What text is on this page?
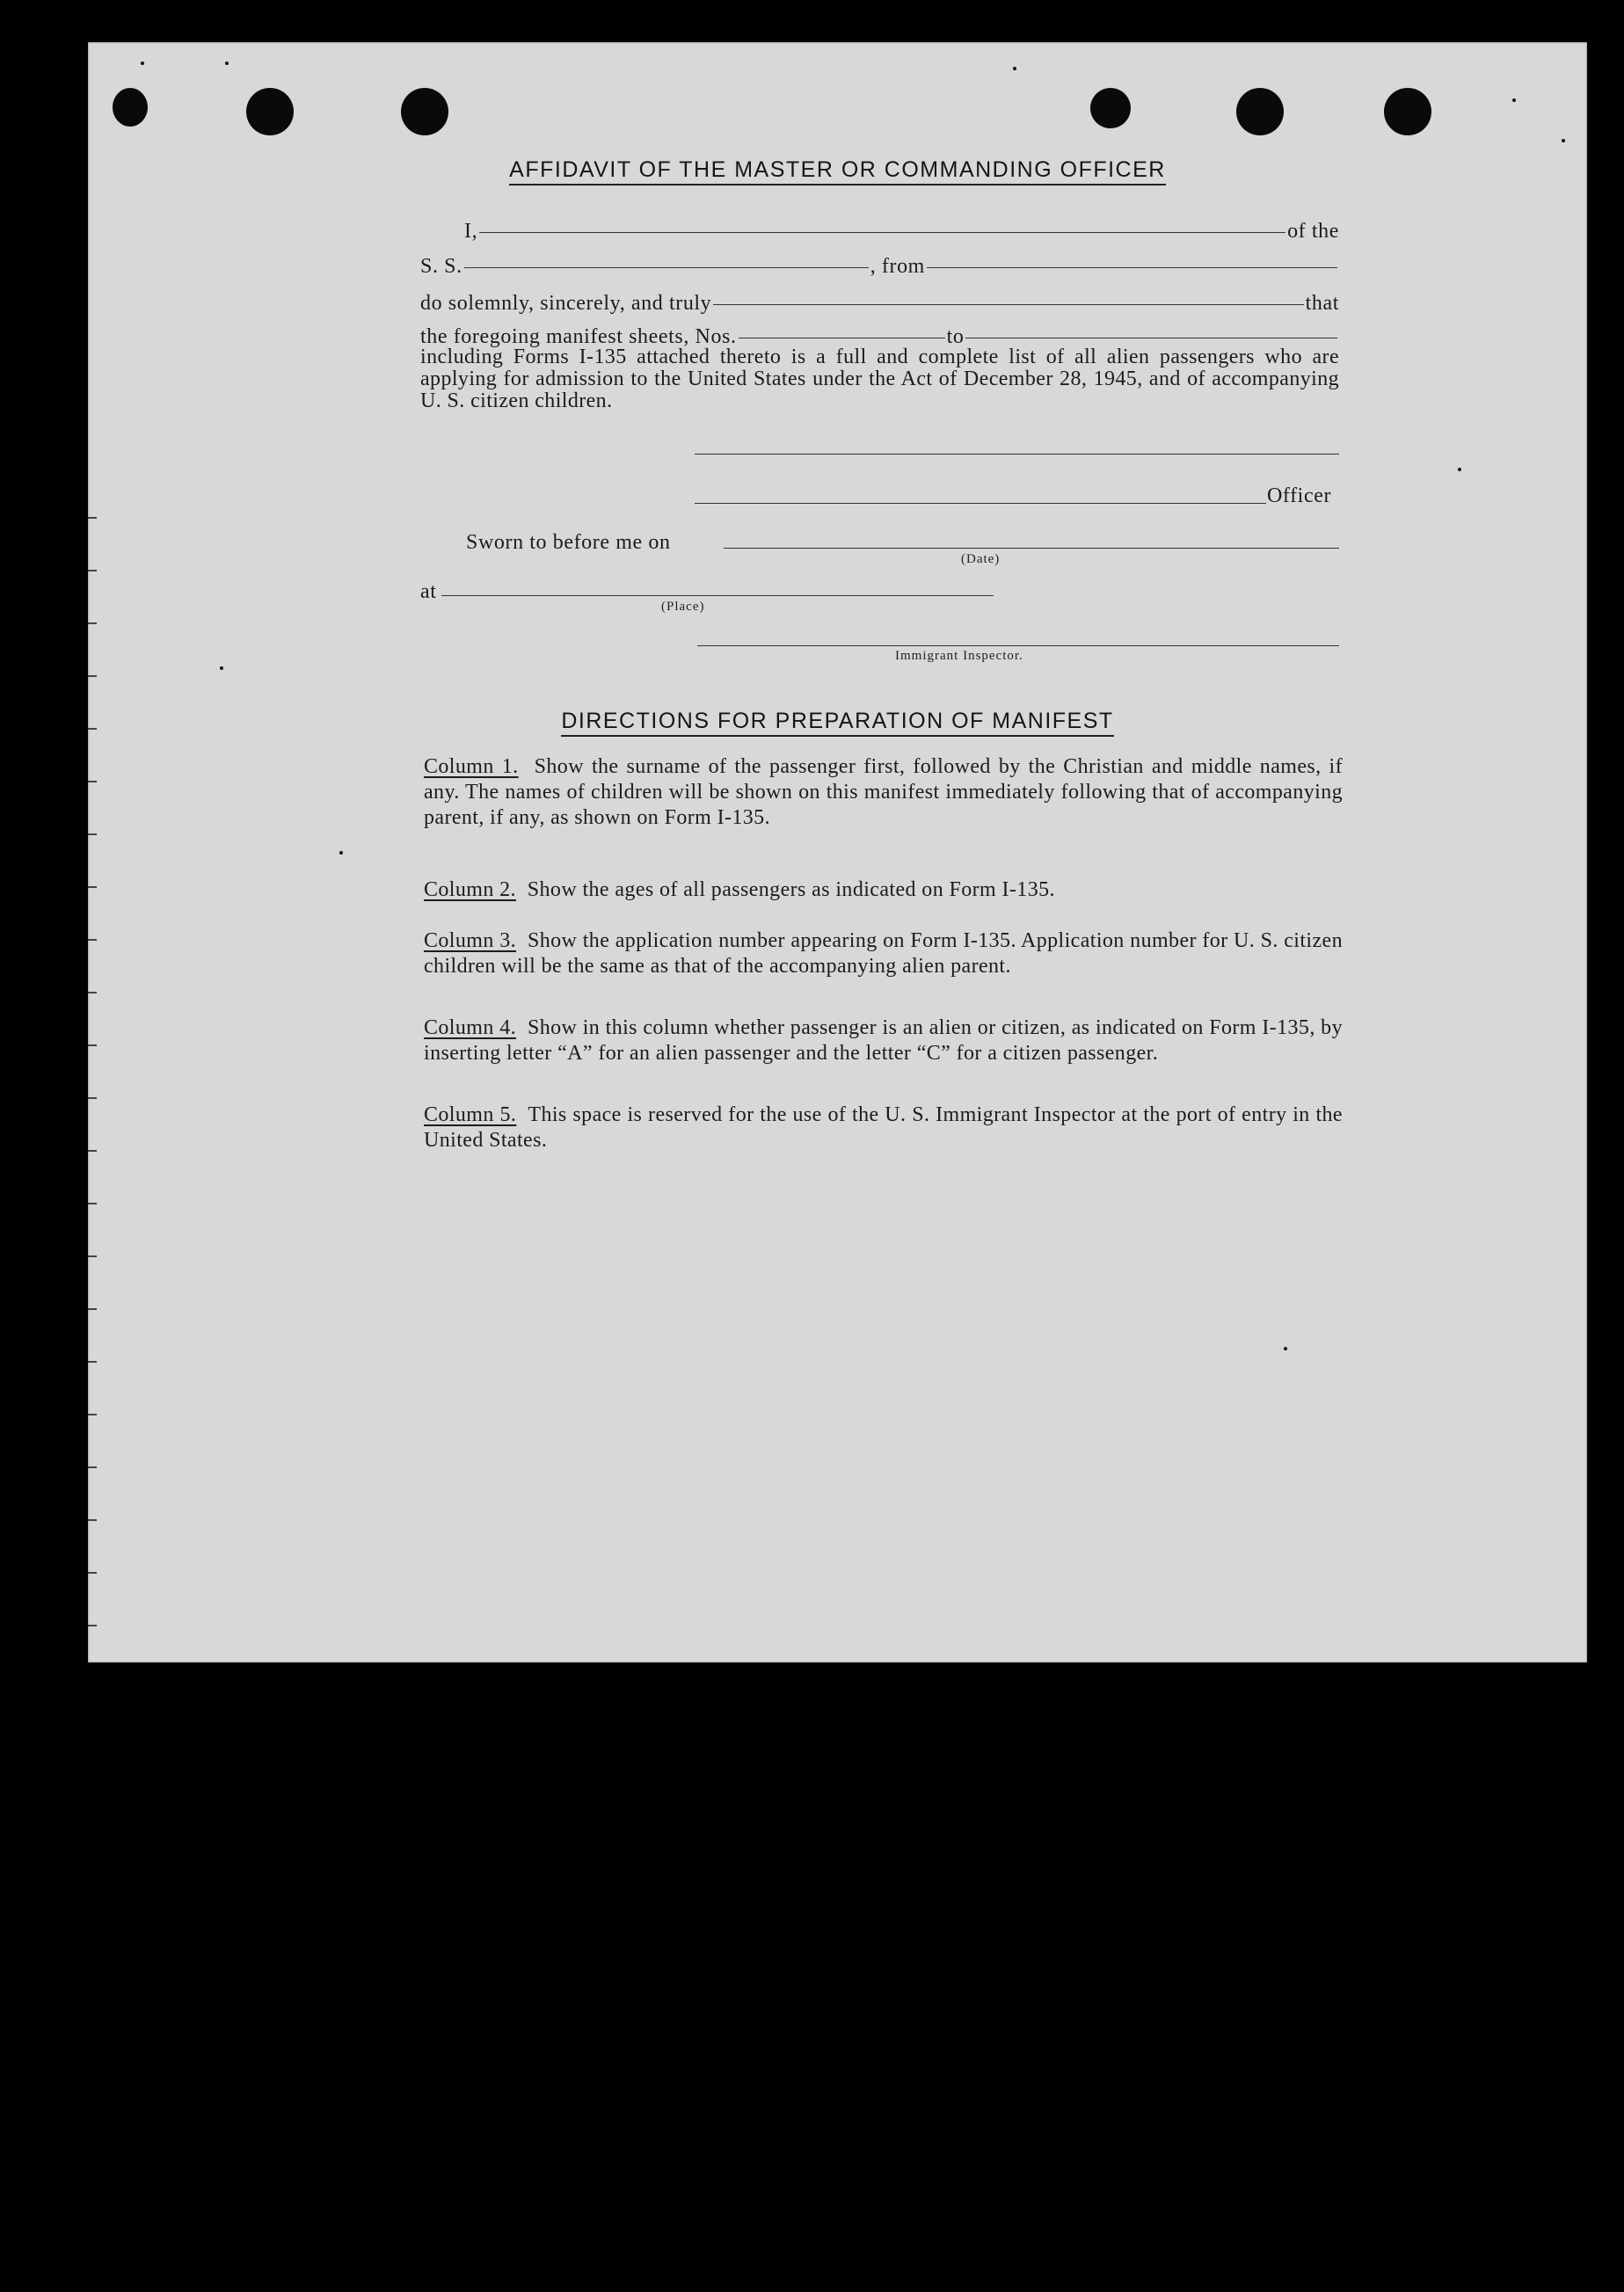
AFFIDAVIT OF THE MASTER OR COMMANDING OFFICER
I,	of the
S. S.	, from
do solemnly, sincerely, and truly	that
the foregoing manifest sheets, Nos.	to
including Forms I-135 attached thereto is a full and complete list of all alien passengers who are applying for admission to the United States under the Act of December 28, 1945, and of accompanying U. S. citizen children.
Officer
Sworn to before me on
(Date)
at
(Place)
Immigrant Inspector.
DIRECTIONS FOR PREPARATION OF MANIFEST
Column 1. Show the surname of the passenger first, followed by the Christian and middle names, if any. The names of children will be shown on this manifest immediately following that of accompanying parent, if any, as shown on Form I-135.
Column 2. Show the ages of all passengers as indicated on Form I-135.
Column 3. Show the application number appearing on Form I-135. Application number for U. S. citizen children will be the same as that of the accompanying alien parent.
Column 4. Show in this column whether passenger is an alien or citizen, as indicated on Form I-135, by inserting letter “A” for an alien passenger and the letter “C” for a citizen passenger.
Column 5. This space is reserved for the use of the U. S. Immigrant Inspector at the port of entry in the United States.
